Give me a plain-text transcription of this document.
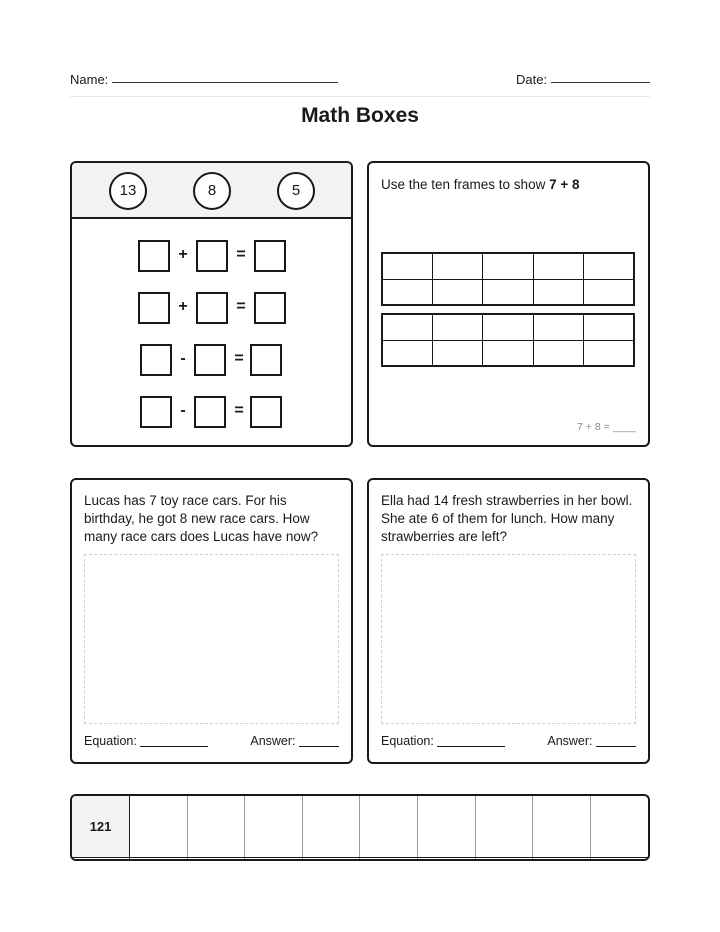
Name:	Date:
Math Boxes
13	8	5
+	=
+	=
-	=
-	=
Use the ten frames to show 7 + 8

7 + 8 = ____
Lucas has 7 toy race cars. For his birthday, he got 8 new race cars. How many race cars does Lucas have now?
Equation:	Answer:
Ella had 14 fresh strawberries in her bowl. She ate 6 of them for lunch. How many strawberries are left?
Equation:	Answer:
121									
